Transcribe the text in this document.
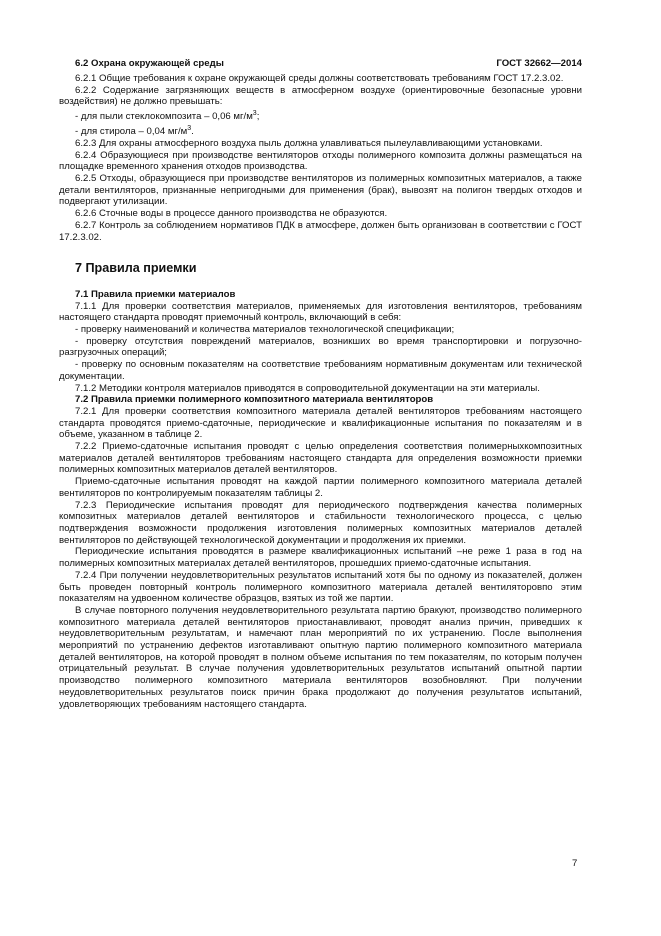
6.2 Охрана окружающей среды	ГОСТ 32662—2014

6.2.1 Общие требования к охране окружающей среды должны соответствовать требованиям ГОСТ 17.2.3.02.

6.2.2 Содержание загрязняющих веществ в атмосферном воздухе (ориентировочные безопасные уровни воздействия) не должно превышать:

- для пыли стеклокомпозита – 0,06 $мг/м^3$;

- для стирола – 0,04 $мг/м^3$.

6.2.3 Для охраны атмосферного воздуха пыль должна улавливаться пылеулавливающими установками.

6.2.4 Образующиеся при производстве вентиляторов отходы полимерного композита должны размещаться на площадке временного хранения отходов производства.

6.2.5 Отходы, образующиеся при производстве вентиляторов из полимерных композитных материалов, а также детали вентиляторов, признанные непригодными для применения (брак), вывозят на полигон твердых отходов и подвергают утилизации.

6.2.6 Сточные воды в процессе данного производства не образуются.

6.2.7 Контроль за соблюдением нормативов ПДК в атмосфере, должен быть организован в соответствии с ГОСТ 17.2.3.02.

7 Правила приемки
7.1 Правила приемки материалов

7.1.1 Для проверки соответствия материалов, применяемых для изготовления вентиляторов, требованиям настоящего стандарта проводят приемочный контроль, включающий в себя:

- проверку наименований и количества материалов технологической спецификации;

- проверку отсутствия повреждений материалов, возникших во время транспортировки и погрузочно-разгрузочных операций;

- проверку по основным показателям на соответствие требованиям нормативным документам или технической документации.

7.1.2 Методики контроля материалов приводятся в сопроводительной документации на эти материалы.

7.2 Правила приемки полимерного композитного материала вентиляторов

7.2.1 Для проверки соответствия композитного материала деталей вентиляторов требованиям настоящего стандарта проводятся приемо-сдаточные, периодические и квалификационные испытания по показателям и в объеме, указанном в таблице 2.

7.2.2 Приемо-сдаточные испытания проводят с целью определения соответствия полимерныхкомпозитных материалов деталей вентиляторов требованиям настоящего стандарта для определения возможности приемки полимерных композитных материалов деталей вентиляторов.

Приемо-сдаточные испытания проводят на каждой партии полимерного композитного материала деталей вентиляторов по контролируемым показателям таблицы 2.

7.2.3 Периодические испытания проводят для периодического подтверждения качества полимерных композитных материалов деталей вентиляторов и стабильности технологического процесса, с целью подтверждения возможности продолжения изготовления полимерных композитных материалов деталей вентиляторов по действующей технологической документации и продолжения их приемки.

Периодические испытания проводятся в размере квалификационных испытаний –не реже 1 раза в год на полимерных композитных материалах деталей вентиляторов, прошедших приемо-сдаточные испытания.

7.2.4 При получении неудовлетворительных результатов испытаний хотя бы по одному из показателей, должен быть проведен повторный контроль полимерного композитного материала деталей вентиляторовпо этим показателям на удвоенном количестве образцов, взятых из той же партии.

В случае повторного получения неудовлетворительного результата партию бракуют, производство полимерного композитного материала деталей вентиляторов приостанавливают, проводят анализ причин, приведших к неудовлетворительным результатам, и намечают план мероприятий по их устранению. После выполнения мероприятий по устранению дефектов изготавливают опытную партию полимерного композитного материала деталей вентиляторов, на которой проводят в полном объеме испытания по тем показателям, по которым получен отрицательный результат. В случае получения удовлетворительных результатов испытаний опытной партии производство полимерного композитного материала вентиляторов возобновляют. При получении неудовлетворительных результатов поиск причин брака продолжают до получения результатов испытаний, удовлетворяющих требованиям настоящего стандарта.

7
